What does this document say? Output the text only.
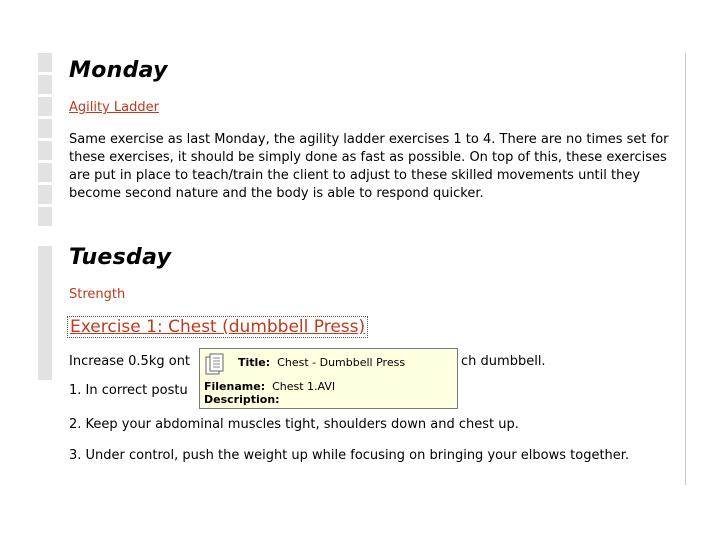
Monday
Agility Ladder

Same exercise as last Monday, the agility ladder exercises 1 to 4. There are no times set for these exercises, it should be simply done as fast as possible. On top of this, these exercises are put in place to teach/train the client to adjust to these skilled movements until they become second nature and the body is able to respond quicker.

Tuesday
Strength
Exercise 1: Chest (dumbbell Press)
Increase 0.5kg ont	ch dumbbell.
1. In correct postu
2. Keep your abdominal muscles tight, shoulders down and chest up.

3. Under control, push the weight up while focusing on bringing your elbows together.

Title: Chest - Dumbbell Press
Filename: Chest 1.AVI
Description:
